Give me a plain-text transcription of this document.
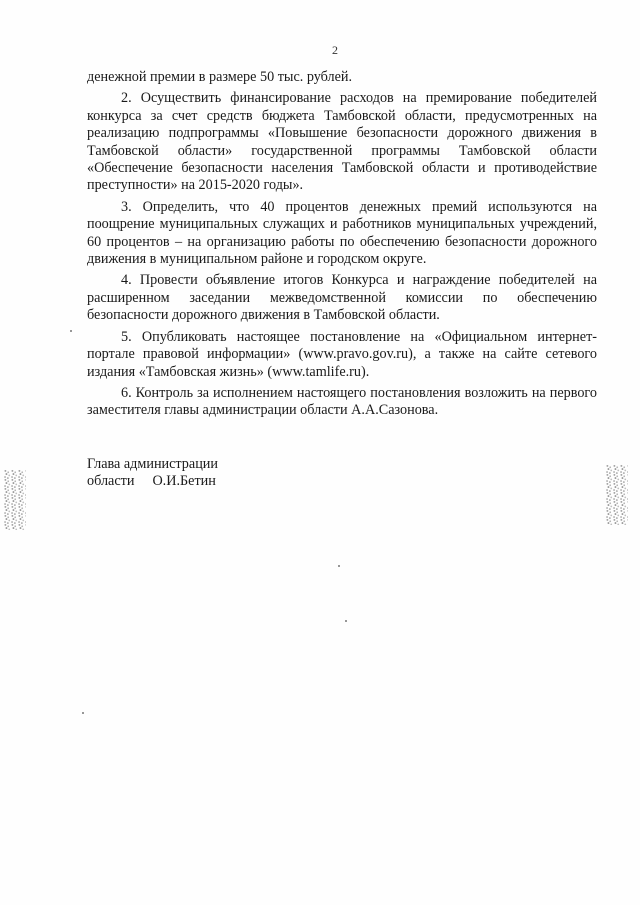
2

денежной премии в размере 50 тыс. рублей.

2. Осуществить финансирование расходов на премирование победителей конкурса за счет средств бюджета Тамбовской области, предусмотренных на реализацию подпрограммы «Повышение безопасности дорожного движения в Тамбовской области» государственной программы Тамбовской области «Обеспечение безопасности населения Тамбовской области и противодействие преступности» на 2015-2020 годы».

3. Определить, что 40 процентов денежных премий используются на поощрение муниципальных служащих и работников муниципальных учреждений, 60 процентов – на организацию работы по обеспечению безопасности дорожного движения в муниципальном районе и городском округе.

4. Провести объявление итогов Конкурса и награждение победителей на расширенном заседании межведомственной комиссии по обеспечению безопасности дорожного движения в Тамбовской области.

5. Опубликовать настоящее постановление на «Официальном интернет-портале правовой информации» (www.pravo.gov.ru), а также на сайте сетевого издания «Тамбовская жизнь» (www.tamlife.ru).

6. Контроль за исполнением настоящего постановления возложить на первого заместителя главы администрации области А.А.Сазонова.

Глава администрации
области О.И.Бетин
